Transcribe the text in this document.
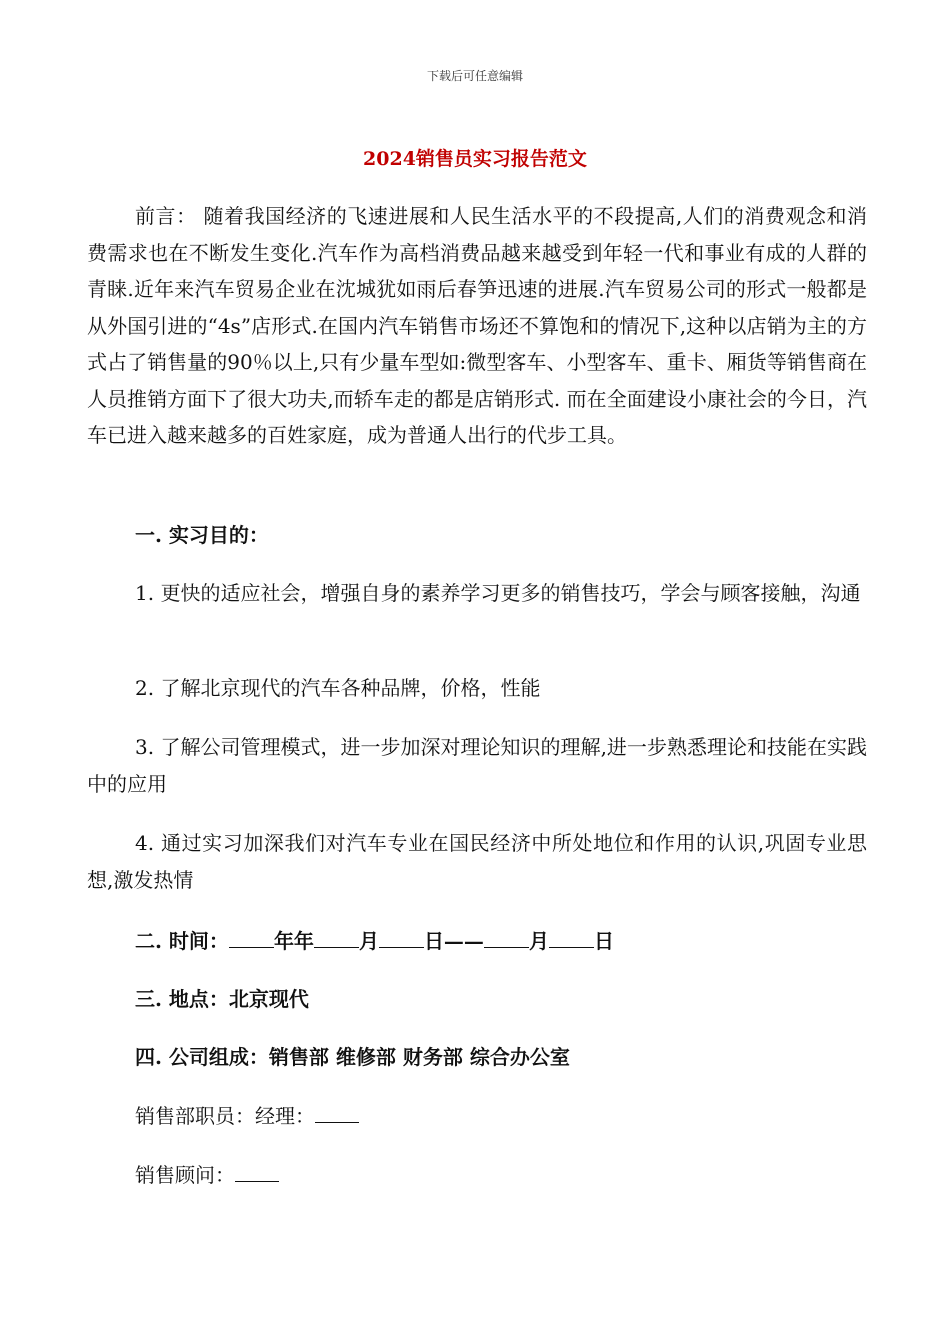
下载后可任意编辑
2024销售员实习报告范文
前言： 随着我国经济的飞速进展和人民生活水平的不段提高,人们的消费观念和消费需求也在不断发生变化.汽车作为高档消费品越来越受到年轻一代和事业有成的人群的青睐.近年来汽车贸易企业在沈城犹如雨后春笋迅速的进展.汽车贸易公司的形式一般都是从外国引进的“4s”店形式.在国内汽车销售市场还不算饱和的情况下,这种以店销为主的方式占了销售量的90％以上,只有少量车型如:微型客车、小型客车、重卡、厢货等销售商在人员推销方面下了很大功夫,而轿车走的都是店销形式. 而在全面建设小康社会的今日，汽车已进入越来越多的百姓家庭，成为普通人出行的代步工具。
一. 实习目的：
1. 更快的适应社会，增强自身的素养学习更多的销售技巧，学会与顾客接触，沟通
2. 了解北京现代的汽车各种品牌，价格，性能
3. 了解公司管理模式，进一步加深对理论知识的理解,进一步熟悉理论和技能在实践中的应用
4. 通过实习加深我们对汽车专业在国民经济中所处地位和作用的认识,巩固专业思想,激发热情
二. 时间： 年年 月 日—— 月 日
三. 地点：北京现代
四. 公司组成：销售部 维修部 财务部 综合办公室
销售部职员：经理：
销售顾问：
